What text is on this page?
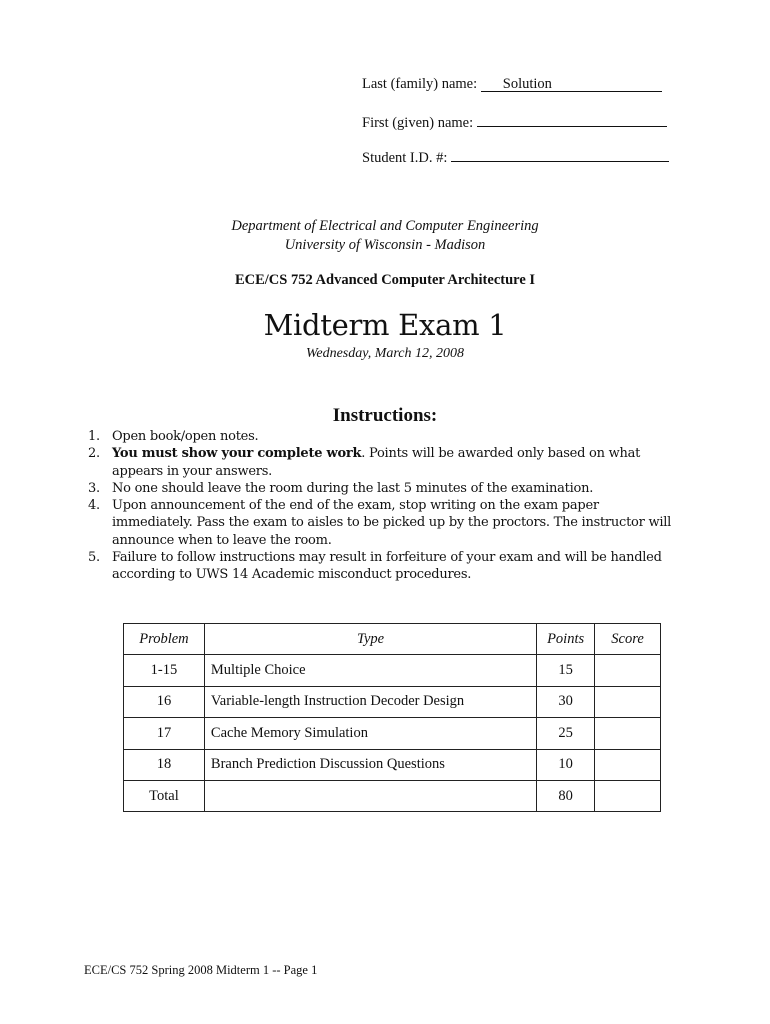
Last (family) name: Solution
First (given) name:
Student I.D. #:
Department of Electrical and Computer Engineering
University of Wisconsin - Madison
ECE/CS 752 Advanced Computer Architecture I
Midterm Exam 1
Wednesday, March 12, 2008
Instructions:
1. Open book/open notes.
2. You must show your complete work. Points will be awarded only based on what appears in your answers.
3. No one should leave the room during the last 5 minutes of the examination.
4. Upon announcement of the end of the exam, stop writing on the exam paper immediately. Pass the exam to aisles to be picked up by the proctors. The instructor will announce when to leave the room.
5. Failure to follow instructions may result in forfeiture of your exam and will be handled according to UWS 14 Academic misconduct procedures.
Problem	Type	Points	Score
1-15	Multiple Choice	15	
16	Variable-length Instruction Decoder Design	30	
17	Cache Memory Simulation	25	
18	Branch Prediction Discussion Questions	10	
Total		80	
ECE/CS 752 Spring 2008 Midterm 1 -- Page 1
